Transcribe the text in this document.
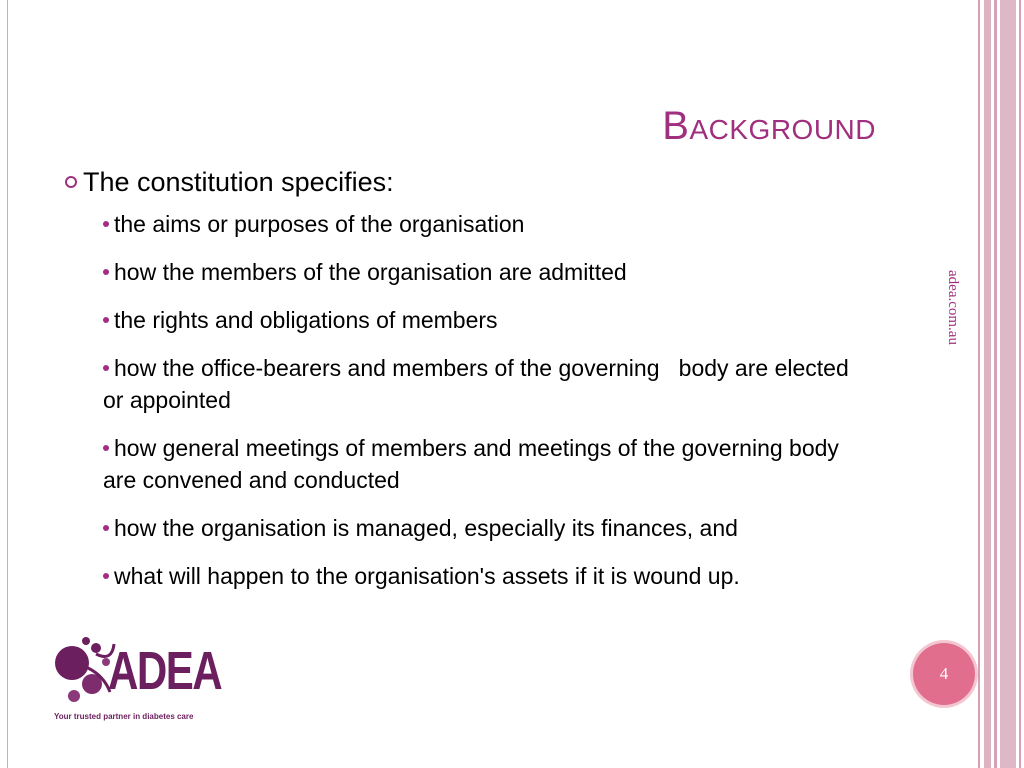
Background
The constitution specifies:
the aims or purposes of the organisation
how the members of the organisation are admitted
the rights and obligations of members
how the office-bearers and members of the governing   body are elected or appointed
how general meetings of members and meetings of the governing body are convened and conducted
how the organisation is managed, especially its finances, and
what will happen to the organisation's assets if it is wound up.
adea.com.au
4
ADEA
Your trusted partner in diabetes care
